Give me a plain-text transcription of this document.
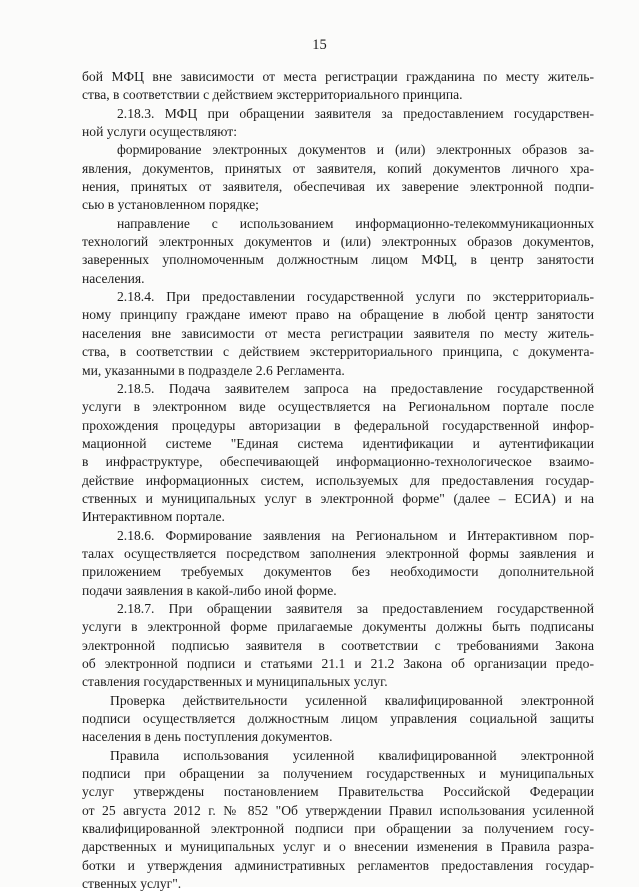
15
бой МФЦ вне зависимости от места регистрации гражданина по месту житель-
ства, в соответствии с действием экстерриториального принципа.
2.18.3. МФЦ при обращении заявителя за предоставлением государствен-
ной услуги осуществляют:
формирование электронных документов и (или) электронных образов за-
явления, документов, принятых от заявителя, копий документов личного хра-
нения, принятых от заявителя, обеспечивая их заверение электронной подпи-
сью в установленном порядке;
направление с использованием информационно-телекоммуникационных
технологий электронных документов и (или) электронных образов документов,
заверенных уполномоченным должностным лицом МФЦ, в центр занятости
населения.
2.18.4. При предоставлении государственной услуги по экстерриториаль-
ному принципу граждане имеют право на обращение в любой центр занятости
населения вне зависимости от места регистрации заявителя по месту житель-
ства, в соответствии с действием экстерриториального принципа, с документа-
ми, указанными в подразделе 2.6 Регламента.
2.18.5. Подача заявителем запроса на предоставление государственной
услуги в электронном виде осуществляется на Региональном портале после
прохождения процедуры авторизации в федеральной государственной инфор-
мационной системе "Единая система идентификации и аутентификации
в инфраструктуре, обеспечивающей информационно-технологическое взаимо-
действие информационных систем, используемых для предоставления государ-
ственных и муниципальных услуг в электронной форме" (далее – ЕСИА) и на
Интерактивном портале.
2.18.6. Формирование заявления на Региональном и Интерактивном пор-
талах осуществляется посредством заполнения электронной формы заявления и
приложением требуемых документов без необходимости дополнительной
подачи заявления в какой-либо иной форме.
2.18.7. При обращении заявителя за предоставлением государственной
услуги в электронной форме прилагаемые документы должны быть подписаны
электронной подписью заявителя в соответствии с требованиями Закона
об электронной подписи и статьями 21.1 и 21.2 Закона об организации предо-
ставления государственных и муниципальных услуг.
Проверка действительности усиленной квалифицированной электронной
подписи осуществляется должностным лицом управления социальной защиты
населения в день поступления документов.
Правила использования усиленной квалифицированной электронной
подписи при обращении за получением государственных и муниципальных
услуг утверждены постановлением Правительства Российской Федерации
от 25 августа 2012 г. № 852 "Об утверждении Правил использования усиленной
квалифицированной электронной подписи при обращении за получением госу-
дарственных и муниципальных услуг и о внесении изменения в Правила разра-
ботки и утверждения административных регламентов предоставления государ-
ственных услуг".
